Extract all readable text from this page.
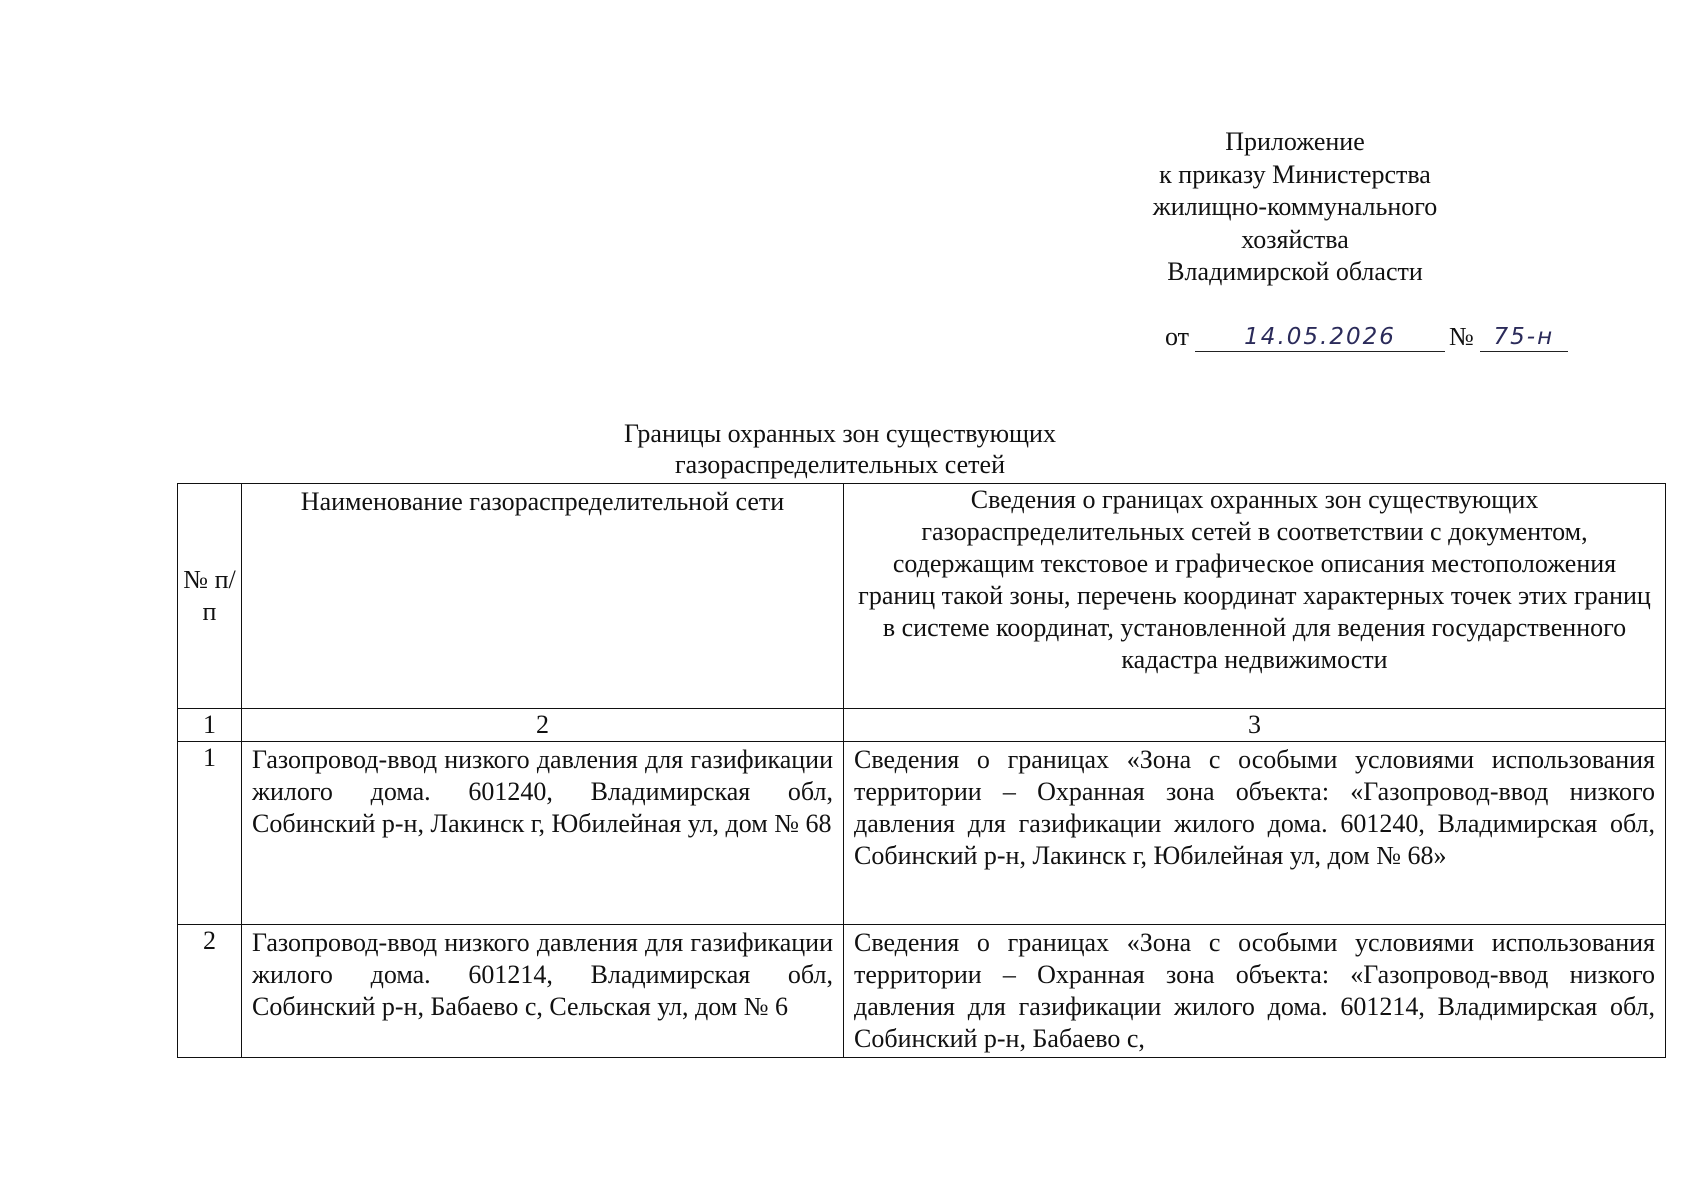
Приложение
к приказу Министерства
жилищно-коммунального
хозяйства
Владимирской области
от	14.05.2026	№ 75-н
Границы охранных зон существующих
газораспределительных сетей
№ п/п	Наименование газораспределительной сети	Сведения о границах охранных зон существующих газораспределительных сетей в соответствии с документом, содержащим текстовое и графическое описания местоположения границ такой зоны, перечень координат характерных точек этих границ в системе координат, установленной для ведения государственного кадастра недвижимости
1	2	3
1	Газопровод-ввод низкого давления для газификации жилого дома. 601240, Владимирская обл, Собинский р-н, Лакинск г, Юбилейная ул, дом № 68	Сведения о границах «Зона с особыми условиями использования территории – Охранная зона объекта: «Газопровод-ввод низкого давления для газификации жилого дома. 601240, Владимирская обл, Собинский р-н, Лакинск г, Юбилейная ул, дом № 68»
2	Газопровод-ввод низкого давления для газификации жилого дома. 601214, Владимирская обл, Собинский р-н, Бабаево с, Сельская ул, дом № 6	Сведения о границах «Зона с особыми условиями использования территории – Охранная зона объекта: «Газопровод-ввод низкого давления для газификации жилого дома. 601214, Владимирская обл, Собинский р-н, Бабаево с,
